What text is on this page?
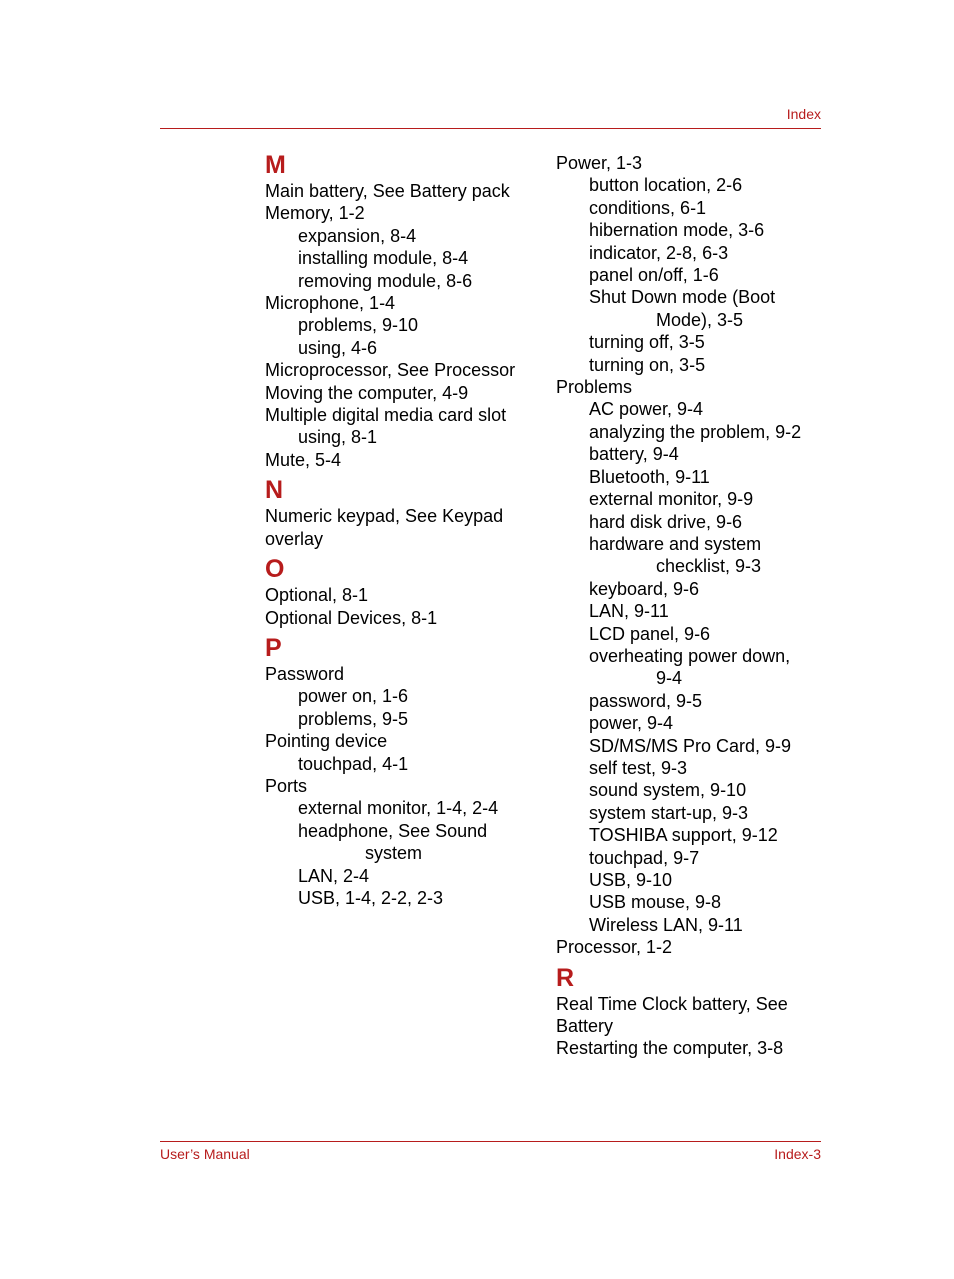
Index
M
Main battery, See Battery pack
Memory, 1-2
expansion, 8-4
installing module, 8-4
removing module, 8-6
Microphone, 1-4
problems, 9-10
using, 4-6
Microprocessor, See Processor
Moving the computer, 4-9
Multiple digital media card slot
using, 8-1
Mute, 5-4
N
Numeric keypad, See Keypad
overlay
O
Optional, 8-1
Optional Devices, 8-1
P
Password
power on, 1-6
problems, 9-5
Pointing device
touchpad, 4-1
Ports
external monitor, 1-4, 2-4
headphone, See Sound
system
LAN, 2-4
USB, 1-4, 2-2, 2-3
Power, 1-3
button location, 2-6
conditions, 6-1
hibernation mode, 3-6
indicator, 2-8, 6-3
panel on/off, 1-6
Shut Down mode (Boot
Mode), 3-5
turning off, 3-5
turning on, 3-5
Problems
AC power, 9-4
analyzing the problem, 9-2
battery, 9-4
Bluetooth, 9-11
external monitor, 9-9
hard disk drive, 9-6
hardware and system
checklist, 9-3
keyboard, 9-6
LAN, 9-11
LCD panel, 9-6
overheating power down,
9-4
password, 9-5
power, 9-4
SD/MS/MS Pro Card, 9-9
self test, 9-3
sound system, 9-10
system start-up, 9-3
TOSHIBA support, 9-12
touchpad, 9-7
USB, 9-10
USB mouse, 9-8
Wireless LAN, 9-11
Processor, 1-2
R
Real Time Clock battery, See
Battery
Restarting the computer, 3-8
User’s Manual	Index-3
